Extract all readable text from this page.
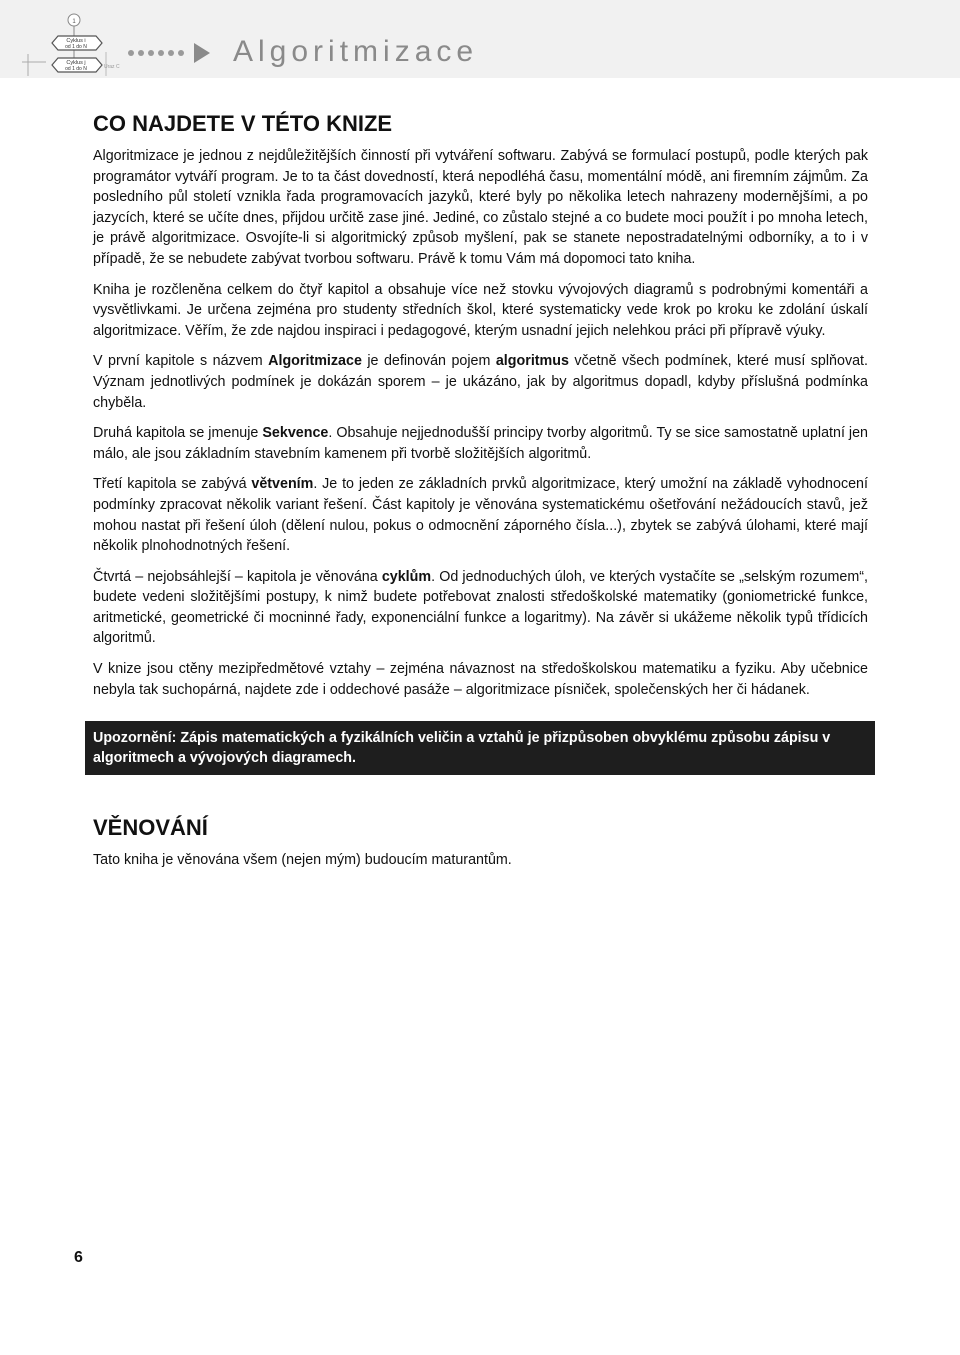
1
Cyklus i
od 1 do N
Cyklus j
od 1 do N	Uraz C	Algoritmizace
CO NAJDETE V TÉTO KNIZE

Algoritmizace je jednou z nejdůležitějších činností při vytváření softwaru. Zabývá se formulací postupů, podle kterých pak programátor vytváří program. Je to ta část dovedností, která nepodléhá času, momentální módě, ani firemním zájmům. Za posledního půl století vznikla řada programovacích jazyků, které byly po několika letech nahrazeny modernějšími, a po jazycích, které se učíte dnes, přijdou určitě zase jiné. Jediné, co zůstalo stejné a co budete moci použít i po mnoha letech, je právě algoritmizace. Osvojíte-li si algoritmický způsob myšlení, pak se stanete nepostradatelnými odborníky, a to i v případě, že se nebudete zabývat tvorbou softwaru. Právě k tomu Vám má dopomoci tato kniha.

Kniha je rozčleněna celkem do čtyř kapitol a obsahuje více než stovku vývojových diagramů s podrobnými komentáři a vysvětlivkami. Je určena zejména pro studenty středních škol, které systematicky vede krok po kroku ke zdolání úskalí algoritmizace. Věřím, že zde najdou inspiraci i pedagogové, kterým usnadní jejich nelehkou práci při přípravě výuky.

V první kapitole s názvem Algoritmizace je definován pojem algoritmus včetně všech podmínek, které musí splňovat. Význam jednotlivých podmínek je dokázán sporem – je ukázáno, jak by algoritmus dopadl, kdyby příslušná podmínka chyběla.

Druhá kapitola se jmenuje Sekvence. Obsahuje nejjednodušší principy tvorby algoritmů. Ty se sice samostatně uplatní jen málo, ale jsou základním stavebním kamenem při tvorbě složitějších algoritmů.

Třetí kapitola se zabývá větvením. Je to jeden ze základních prvků algoritmizace, který umožní na základě vyhodnocení podmínky zpracovat několik variant řešení. Část kapitoly je věnována systematickému ošetřování nežádoucích stavů, jež mohou nastat při řešení úloh (dělení nulou, pokus o odmocnění záporného čísla...), zbytek se zabývá úlohami, které mají několik plnohodnotných řešení.

Čtvrtá – nejobsáhlejší – kapitola je věnována cyklům. Od jednoduchých úloh, ve kterých vystačíte se „selským rozumem“, budete vedeni složitějšími postupy, k nimž budete potřebovat znalosti středoškolské matematiky (goniometrické funkce, aritmetické, geometrické či mocninné řady, exponenciální funkce a logaritmy). Na závěr si ukážeme několik typů třídicích algoritmů.

V knize jsou ctěny mezipředmětové vztahy – zejména návaznost na středoškolskou matematiku a fyziku. Aby učebnice nebyla tak suchopárná, najdete zde i oddechové pasáže – algoritmizace písniček, společenských her či hádanek.

Upozornění: Zápis matematických a fyzikálních veličin a vztahů je přizpůsoben obvyklému způsobu zápisu v algoritmech a vývojových diagramech.
VĚNOVÁNÍ

Tato kniha je věnována všem (nejen mým) budoucím maturantům.

6
